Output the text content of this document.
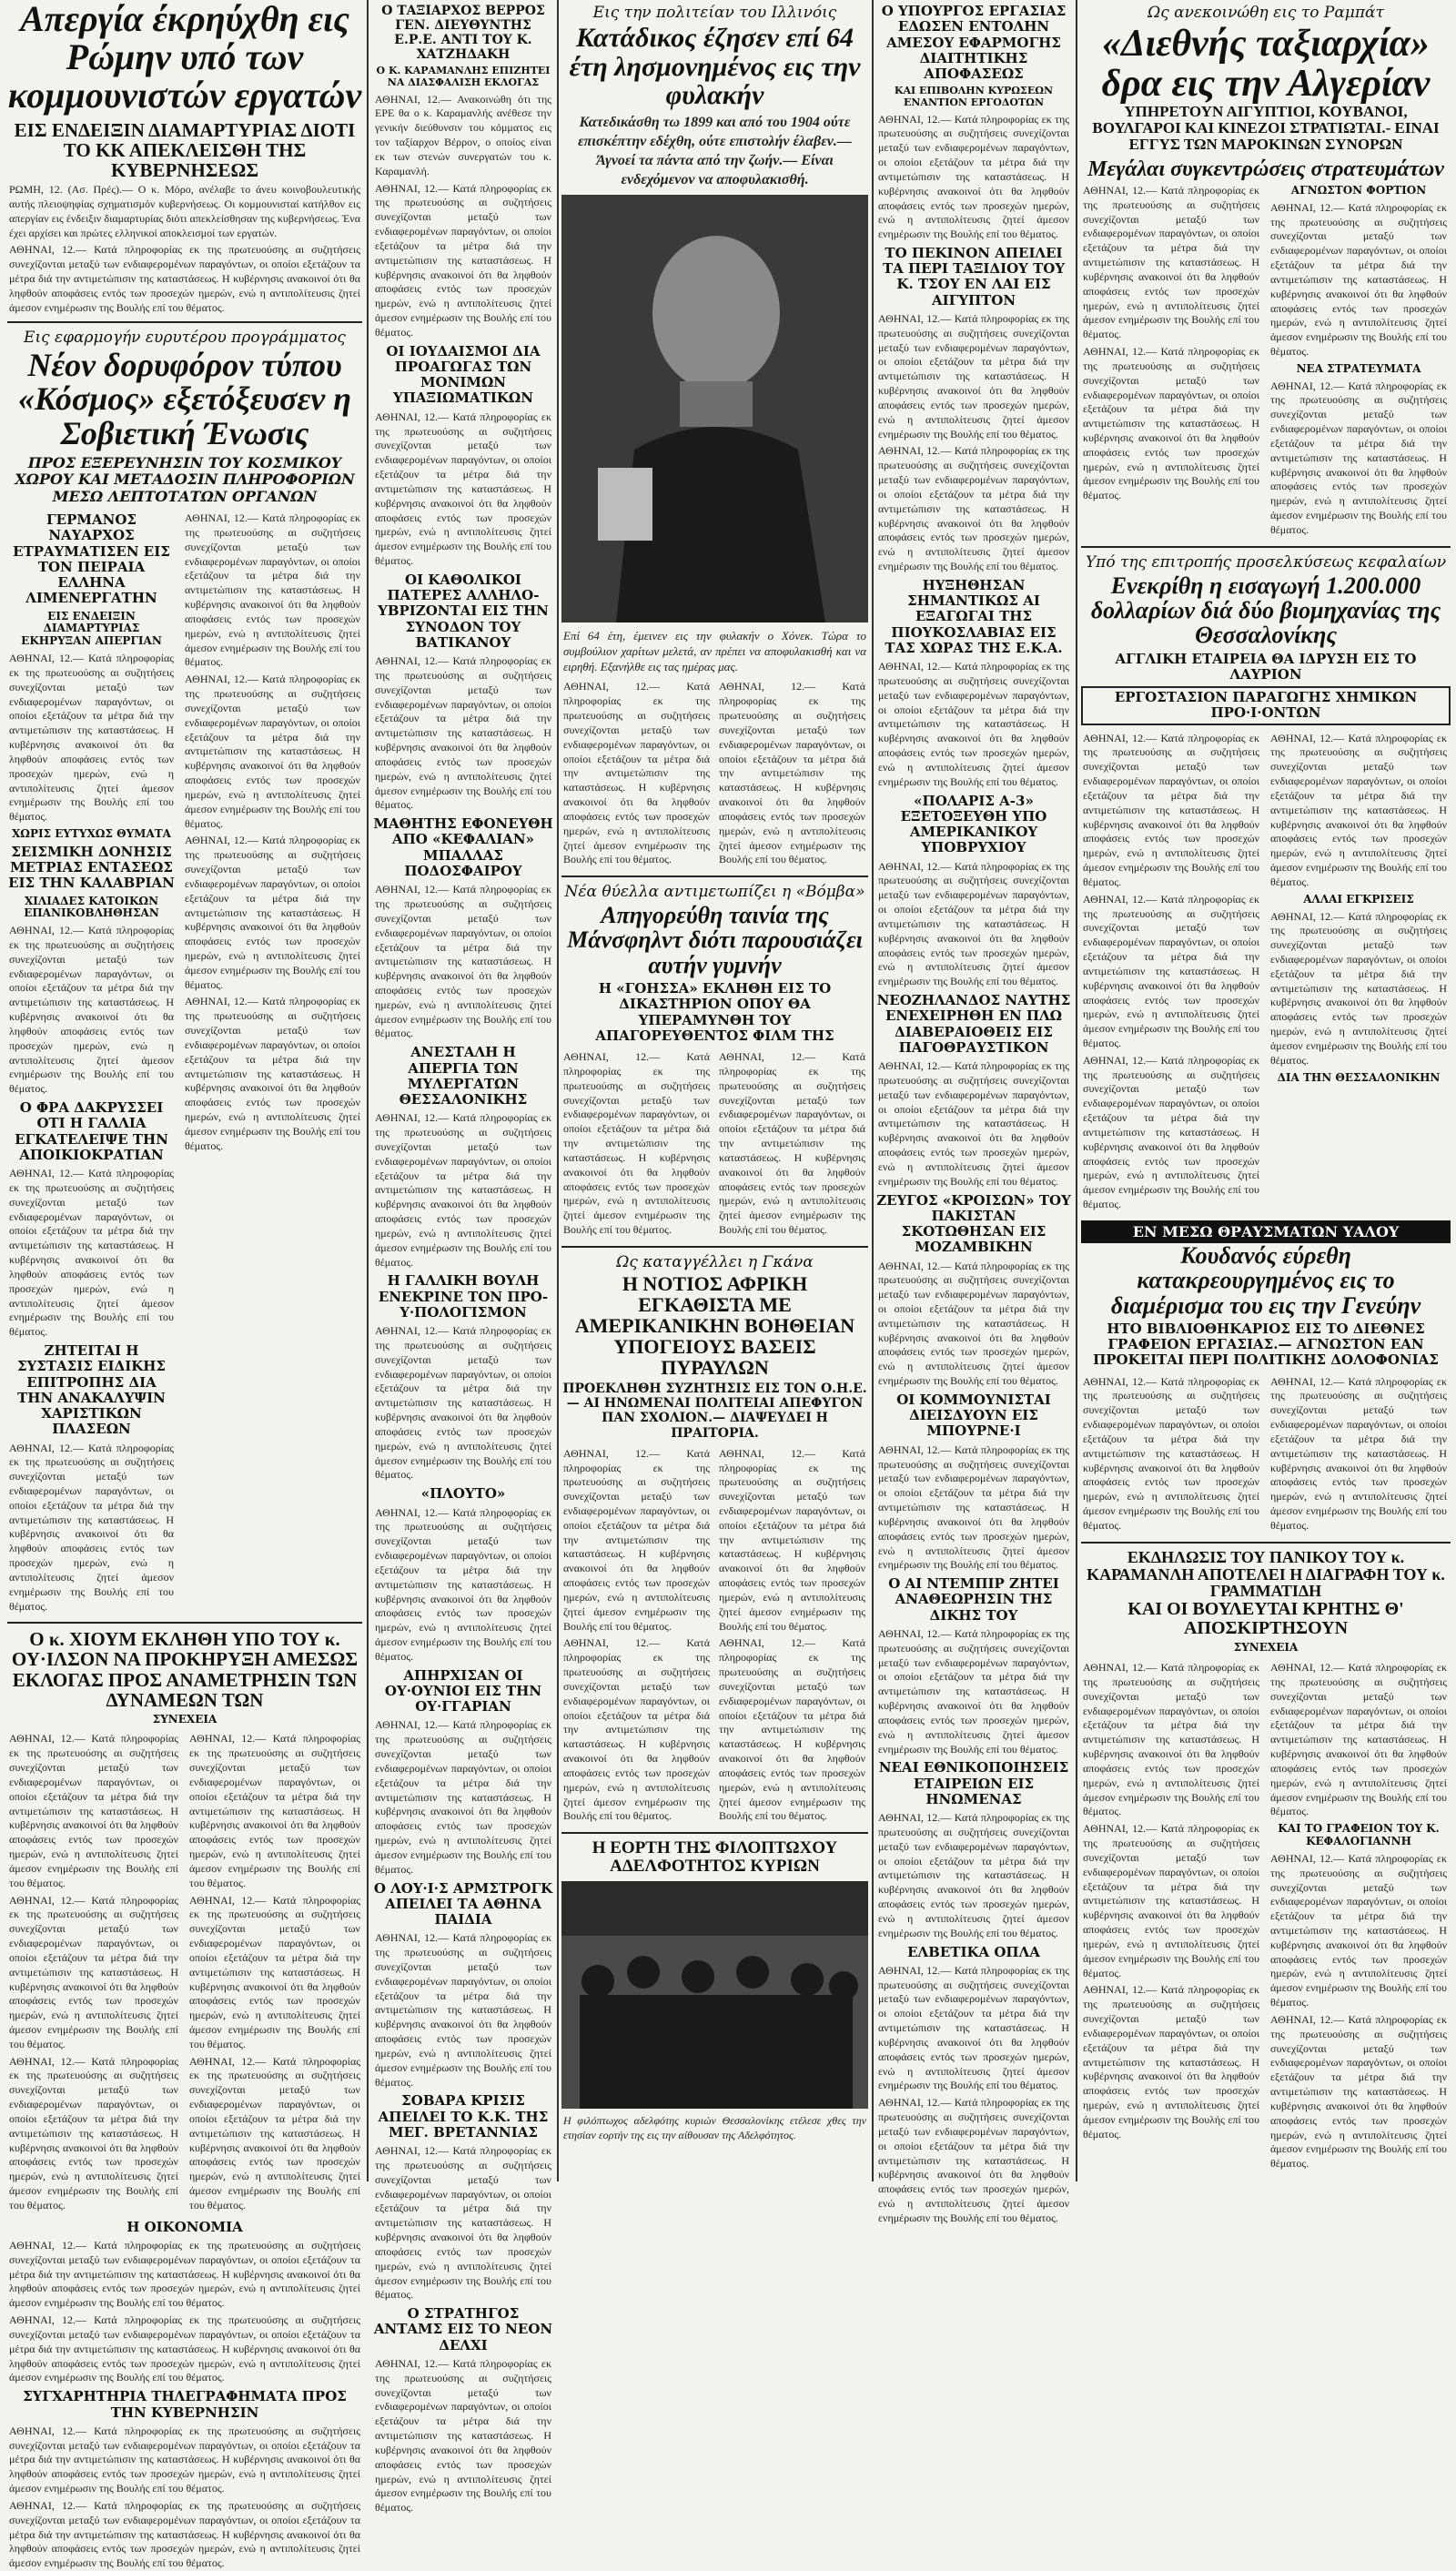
Απεργία έκρηύχθη εις Ρώμην υπό των κομμουνιστών εργατών
ΕΙΣ ΕΝΔΕΙΞΙΝ ΔΙΑΜΑΡΤΥΡΙΑΣ ΔΙΟΤΙ ΤΟ ΚΚ ΑΠΕΚΛΕΙΣΘΗ ΤΗΣ ΚΥΒΕΡΝΗΣΕΩΣ

ΡΩΜΗ, 12. (Ασ. Πρές).— Ο κ. Μόρο, ανέλαβε το άνευ κοινοβουλευτικής αυτής πλειοψηφίας σχηματισμόν κυβερνήσεως. Οι κομμουνισταί κατήλθον εις απεργίαν εις ένδειξιν διαμαρτυρίας διότι απεκλείσθησαν της κυβερνήσεως. Ένα έχει αρχίσει και πρώτες ελληνικοί αποκλεισμοί των εργατών.

ΑΘΗΝΑΙ, 12.— Κατά πληροφορίας εκ της πρωτευούσης αι συζητήσεις συνεχίζονται μεταξύ των ενδιαφερομένων παραγόντων, οι οποίοι εξετάζουν τα μέτρα διά την αντιμετώπισιν της καταστάσεως. Η κυβέρνησις ανακοινοί ότι θα ληφθούν αποφάσεις εντός των προσεχών ημερών, ενώ η αντιπολίτευσις ζητεί άμεσον ενημέρωσιν της Βουλής επί του θέματος.

Εις εφαρμογήν ευρυτέρου προγράμματος
Νέον δορυφόρον τύπου «Κόσμος» εξετόξευσεν η Σοβιετική Ένωσις
ΠΡΟΣ ΕΞΕΡΕΥΝΗΣΙΝ ΤΟΥ ΚΟΣΜΙΚΟΥ ΧΩΡΟΥ ΚΑΙ ΜΕΤΑΔΟΣΙΝ ΠΛΗΡΟΦΟΡΙΩΝ ΜΕΣΩ ΛΕΠΤΟΤΑΤΩΝ ΟΡΓΑΝΩΝ
ΓΕΡΜΑΝΟΣ ΝΑΥΑΡΧΟΣ ΕΤΡΑΥΜΑΤΙΣΕΝ ΕΙΣ ΤΟΝ ΠΕΙΡΑΙΑ ΕΛΛΗΝΑ ΛΙΜΕΝΕΡΓΑΤΗΝ
ΕΙΣ ΕΝΔΕΙΞΙΝ ΔΙΑΜΑΡΤΥΡΙΑΣ ΕΚΗΡΥΞΑΝ ΑΠΕΡΓΙΑΝ

ΑΘΗΝΑΙ, 12.— Κατά πληροφορίας εκ της πρωτευούσης αι συζητήσεις συνεχίζονται μεταξύ των ενδιαφερομένων παραγόντων, οι οποίοι εξετάζουν τα μέτρα διά την αντιμετώπισιν της καταστάσεως. Η κυβέρνησις ανακοινοί ότι θα ληφθούν αποφάσεις εντός των προσεχών ημερών, ενώ η αντιπολίτευσις ζητεί άμεσον ενημέρωσιν της Βουλής επί του θέματος.

ΧΩΡΙΣ ΕΥΤΥΧΩΣ ΘΥΜΑΤΑ
ΣΕΙΣΜΙΚΗ ΔΟΝΗΣΙΣ ΜΕΤΡΙΑΣ ΕΝΤΑΣΕΩΣ ΕΙΣ ΤΗΝ ΚΑΛΑΒΡΙΑΝ
ΧΙΛΙΑΔΕΣ ΚΑΤΟΙΚΩΝ ΕΠΑΝΙΚΟΒΛΗΘΗΣΑΝ

ΑΘΗΝΑΙ, 12.— Κατά πληροφορίας εκ της πρωτευούσης αι συζητήσεις συνεχίζονται μεταξύ των ενδιαφερομένων παραγόντων, οι οποίοι εξετάζουν τα μέτρα διά την αντιμετώπισιν της καταστάσεως. Η κυβέρνησις ανακοινοί ότι θα ληφθούν αποφάσεις εντός των προσεχών ημερών, ενώ η αντιπολίτευσις ζητεί άμεσον ενημέρωσιν της Βουλής επί του θέματος.

Ο ΦΡΑ ΔΑΚΡΥΣΣΕΙ ΟΤΙ Η ΓΑΛΛΙΑ ΕΓΚΑΤΕΛΕΙΨΕ ΤΗΝ ΑΠΟΙΚΙΟΚΡΑΤΙΑΝ

ΑΘΗΝΑΙ, 12.— Κατά πληροφορίας εκ της πρωτευούσης αι συζητήσεις συνεχίζονται μεταξύ των ενδιαφερομένων παραγόντων, οι οποίοι εξετάζουν τα μέτρα διά την αντιμετώπισιν της καταστάσεως. Η κυβέρνησις ανακοινοί ότι θα ληφθούν αποφάσεις εντός των προσεχών ημερών, ενώ η αντιπολίτευσις ζητεί άμεσον ενημέρωσιν της Βουλής επί του θέματος.

ΖΗΤΕΙΤΑΙ Η ΣΥΣΤΑΣΙΣ ΕΙΔΙΚΗΣ ΕΠΙΤΡΟΠΗΣ ΔΙΑ ΤΗΝ ΑΝΑΚΑΛΥΨΙΝ ΧΑΡΙΣΤΙΚΩΝ ΠΛΑΣΕΩΝ

ΑΘΗΝΑΙ, 12.— Κατά πληροφορίας εκ της πρωτευούσης αι συζητήσεις συνεχίζονται μεταξύ των ενδιαφερομένων παραγόντων, οι οποίοι εξετάζουν τα μέτρα διά την αντιμετώπισιν της καταστάσεως. Η κυβέρνησις ανακοινοί ότι θα ληφθούν αποφάσεις εντός των προσεχών ημερών, ενώ η αντιπολίτευσις ζητεί άμεσον ενημέρωσιν της Βουλής επί του θέματος.

ΑΘΗΝΑΙ, 12.— Κατά πληροφορίας εκ της πρωτευούσης αι συζητήσεις συνεχίζονται μεταξύ των ενδιαφερομένων παραγόντων, οι οποίοι εξετάζουν τα μέτρα διά την αντιμετώπισιν της καταστάσεως. Η κυβέρνησις ανακοινοί ότι θα ληφθούν αποφάσεις εντός των προσεχών ημερών, ενώ η αντιπολίτευσις ζητεί άμεσον ενημέρωσιν της Βουλής επί του θέματος.

ΑΘΗΝΑΙ, 12.— Κατά πληροφορίας εκ της πρωτευούσης αι συζητήσεις συνεχίζονται μεταξύ των ενδιαφερομένων παραγόντων, οι οποίοι εξετάζουν τα μέτρα διά την αντιμετώπισιν της καταστάσεως. Η κυβέρνησις ανακοινοί ότι θα ληφθούν αποφάσεις εντός των προσεχών ημερών, ενώ η αντιπολίτευσις ζητεί άμεσον ενημέρωσιν της Βουλής επί του θέματος.

ΑΘΗΝΑΙ, 12.— Κατά πληροφορίας εκ της πρωτευούσης αι συζητήσεις συνεχίζονται μεταξύ των ενδιαφερομένων παραγόντων, οι οποίοι εξετάζουν τα μέτρα διά την αντιμετώπισιν της καταστάσεως. Η κυβέρνησις ανακοινοί ότι θα ληφθούν αποφάσεις εντός των προσεχών ημερών, ενώ η αντιπολίτευσις ζητεί άμεσον ενημέρωσιν της Βουλής επί του θέματος.

ΑΘΗΝΑΙ, 12.— Κατά πληροφορίας εκ της πρωτευούσης αι συζητήσεις συνεχίζονται μεταξύ των ενδιαφερομένων παραγόντων, οι οποίοι εξετάζουν τα μέτρα διά την αντιμετώπισιν της καταστάσεως. Η κυβέρνησις ανακοινοί ότι θα ληφθούν αποφάσεις εντός των προσεχών ημερών, ενώ η αντιπολίτευσις ζητεί άμεσον ενημέρωσιν της Βουλής επί του θέματος.

Ο κ. ΧΙΟΥΜ ΕΚΛΗΘΗ ΥΠΟ ΤΟΥ κ. ΟΥ·ΙΛΣΟΝ ΝΑ ΠΡΟΚΗΡΥΞΗ ΑΜΕΣΩΣ ΕΚΛΟΓΑΣ ΠΡΟΣ ΑΝΑΜΕΤΡΗΣΙΝ ΤΩΝ ΔΥΝΑΜΕΩΝ ΤΩΝ
ΣΥΝΕΧΕΙΑ

ΑΘΗΝΑΙ, 12.— Κατά πληροφορίας εκ της πρωτευούσης αι συζητήσεις συνεχίζονται μεταξύ των ενδιαφερομένων παραγόντων, οι οποίοι εξετάζουν τα μέτρα διά την αντιμετώπισιν της καταστάσεως. Η κυβέρνησις ανακοινοί ότι θα ληφθούν αποφάσεις εντός των προσεχών ημερών, ενώ η αντιπολίτευσις ζητεί άμεσον ενημέρωσιν της Βουλής επί του θέματος.

ΑΘΗΝΑΙ, 12.— Κατά πληροφορίας εκ της πρωτευούσης αι συζητήσεις συνεχίζονται μεταξύ των ενδιαφερομένων παραγόντων, οι οποίοι εξετάζουν τα μέτρα διά την αντιμετώπισιν της καταστάσεως. Η κυβέρνησις ανακοινοί ότι θα ληφθούν αποφάσεις εντός των προσεχών ημερών, ενώ η αντιπολίτευσις ζητεί άμεσον ενημέρωσιν της Βουλής επί του θέματος.

ΑΘΗΝΑΙ, 12.— Κατά πληροφορίας εκ της πρωτευούσης αι συζητήσεις συνεχίζονται μεταξύ των ενδιαφερομένων παραγόντων, οι οποίοι εξετάζουν τα μέτρα διά την αντιμετώπισιν της καταστάσεως. Η κυβέρνησις ανακοινοί ότι θα ληφθούν αποφάσεις εντός των προσεχών ημερών, ενώ η αντιπολίτευσις ζητεί άμεσον ενημέρωσιν της Βουλής επί του θέματος.

ΑΘΗΝΑΙ, 12.— Κατά πληροφορίας εκ της πρωτευούσης αι συζητήσεις συνεχίζονται μεταξύ των ενδιαφερομένων παραγόντων, οι οποίοι εξετάζουν τα μέτρα διά την αντιμετώπισιν της καταστάσεως. Η κυβέρνησις ανακοινοί ότι θα ληφθούν αποφάσεις εντός των προσεχών ημερών, ενώ η αντιπολίτευσις ζητεί άμεσον ενημέρωσιν της Βουλής επί του θέματος.

ΑΘΗΝΑΙ, 12.— Κατά πληροφορίας εκ της πρωτευούσης αι συζητήσεις συνεχίζονται μεταξύ των ενδιαφερομένων παραγόντων, οι οποίοι εξετάζουν τα μέτρα διά την αντιμετώπισιν της καταστάσεως. Η κυβέρνησις ανακοινοί ότι θα ληφθούν αποφάσεις εντός των προσεχών ημερών, ενώ η αντιπολίτευσις ζητεί άμεσον ενημέρωσιν της Βουλής επί του θέματος.

ΑΘΗΝΑΙ, 12.— Κατά πληροφορίας εκ της πρωτευούσης αι συζητήσεις συνεχίζονται μεταξύ των ενδιαφερομένων παραγόντων, οι οποίοι εξετάζουν τα μέτρα διά την αντιμετώπισιν της καταστάσεως. Η κυβέρνησις ανακοινοί ότι θα ληφθούν αποφάσεις εντός των προσεχών ημερών, ενώ η αντιπολίτευσις ζητεί άμεσον ενημέρωσιν της Βουλής επί του θέματος.

Η ΟΙΚΟΝΟΜΙΑ

ΑΘΗΝΑΙ, 12.— Κατά πληροφορίας εκ της πρωτευούσης αι συζητήσεις συνεχίζονται μεταξύ των ενδιαφερομένων παραγόντων, οι οποίοι εξετάζουν τα μέτρα διά την αντιμετώπισιν της καταστάσεως. Η κυβέρνησις ανακοινοί ότι θα ληφθούν αποφάσεις εντός των προσεχών ημερών, ενώ η αντιπολίτευσις ζητεί άμεσον ενημέρωσιν της Βουλής επί του θέματος.

ΑΘΗΝΑΙ, 12.— Κατά πληροφορίας εκ της πρωτευούσης αι συζητήσεις συνεχίζονται μεταξύ των ενδιαφερομένων παραγόντων, οι οποίοι εξετάζουν τα μέτρα διά την αντιμετώπισιν της καταστάσεως. Η κυβέρνησις ανακοινοί ότι θα ληφθούν αποφάσεις εντός των προσεχών ημερών, ενώ η αντιπολίτευσις ζητεί άμεσον ενημέρωσιν της Βουλής επί του θέματος.

ΣΥΓΧΑΡΗΤΗΡΙΑ ΤΗΛΕΓΡΑΦΗΜΑΤΑ ΠΡΟΣ ΤΗΝ ΚΥΒΕΡΝΗΣΙΝ

ΑΘΗΝΑΙ, 12.— Κατά πληροφορίας εκ της πρωτευούσης αι συζητήσεις συνεχίζονται μεταξύ των ενδιαφερομένων παραγόντων, οι οποίοι εξετάζουν τα μέτρα διά την αντιμετώπισιν της καταστάσεως. Η κυβέρνησις ανακοινοί ότι θα ληφθούν αποφάσεις εντός των προσεχών ημερών, ενώ η αντιπολίτευσις ζητεί άμεσον ενημέρωσιν της Βουλής επί του θέματος.

ΑΘΗΝΑΙ, 12.— Κατά πληροφορίας εκ της πρωτευούσης αι συζητήσεις συνεχίζονται μεταξύ των ενδιαφερομένων παραγόντων, οι οποίοι εξετάζουν τα μέτρα διά την αντιμετώπισιν της καταστάσεως. Η κυβέρνησις ανακοινοί ότι θα ληφθούν αποφάσεις εντός των προσεχών ημερών, ενώ η αντιπολίτευσις ζητεί άμεσον ενημέρωσιν της Βουλής επί του θέματος.

Ο ΤΑΞΙΑΡΧΟΣ ΒΕΡΡΟΣ ΓΕΝ. ΔΙΕΥΘΥΝΤΗΣ Ε.Ρ.Ε. ΑΝΤΙ ΤΟΥ Κ. ΧΑΤΖΗΔΑΚΗ
Ο Κ. ΚΑΡΑΜΑΝΛΗΣ ΕΠΙΖΗΤΕΙ ΝΑ ΔΙΑΣΦΑΛΙΣΗ ΕΚΛΟΓΑΣ

ΑΘΗΝΑΙ, 12.— Ανακοινώθη ότι της ΕΡΕ θα ο κ. Καραμανλής ανέθεσε την γενικήν διεύθυνσιν του κόμματος εις τον ταξίαρχον Βέρρον, ο οποίος είναι εκ των στενών συνεργατών του κ. Καραμανλή.

ΑΘΗΝΑΙ, 12.— Κατά πληροφορίας εκ της πρωτευούσης αι συζητήσεις συνεχίζονται μεταξύ των ενδιαφερομένων παραγόντων, οι οποίοι εξετάζουν τα μέτρα διά την αντιμετώπισιν της καταστάσεως. Η κυβέρνησις ανακοινοί ότι θα ληφθούν αποφάσεις εντός των προσεχών ημερών, ενώ η αντιπολίτευσις ζητεί άμεσον ενημέρωσιν της Βουλής επί του θέματος.

ΟΙ ΙΟΥΔΑΙΣΜΟΙ ΔΙΑ ΠΡΟΑΓΩΓΑΣ ΤΩΝ ΜΟΝΙΜΩΝ ΥΠΑΞΙΩΜΑΤΙΚΩΝ

ΑΘΗΝΑΙ, 12.— Κατά πληροφορίας εκ της πρωτευούσης αι συζητήσεις συνεχίζονται μεταξύ των ενδιαφερομένων παραγόντων, οι οποίοι εξετάζουν τα μέτρα διά την αντιμετώπισιν της καταστάσεως. Η κυβέρνησις ανακοινοί ότι θα ληφθούν αποφάσεις εντός των προσεχών ημερών, ενώ η αντιπολίτευσις ζητεί άμεσον ενημέρωσιν της Βουλής επί του θέματος.

ΟΙ ΚΑΘΟΛΙΚΟΙ ΠΑΤΕΡΕΣ ΑΛΛΗΛΟ-ΥΒΡΙΖΟΝΤΑΙ ΕΙΣ ΤΗΝ ΣΥΝΟΔΟΝ ΤΟΥ ΒΑΤΙΚΑΝΟΥ

ΑΘΗΝΑΙ, 12.— Κατά πληροφορίας εκ της πρωτευούσης αι συζητήσεις συνεχίζονται μεταξύ των ενδιαφερομένων παραγόντων, οι οποίοι εξετάζουν τα μέτρα διά την αντιμετώπισιν της καταστάσεως. Η κυβέρνησις ανακοινοί ότι θα ληφθούν αποφάσεις εντός των προσεχών ημερών, ενώ η αντιπολίτευσις ζητεί άμεσον ενημέρωσιν της Βουλής επί του θέματος.

ΜΑΘΗΤΗΣ ΕΦΟΝΕΥΘΗ ΑΠΟ «ΚΕΦΑΛΙΑΝ» ΜΠΑΛΛΑΣ ΠΟΔΟΣΦΑΙΡΟΥ

ΑΘΗΝΑΙ, 12.— Κατά πληροφορίας εκ της πρωτευούσης αι συζητήσεις συνεχίζονται μεταξύ των ενδιαφερομένων παραγόντων, οι οποίοι εξετάζουν τα μέτρα διά την αντιμετώπισιν της καταστάσεως. Η κυβέρνησις ανακοινοί ότι θα ληφθούν αποφάσεις εντός των προσεχών ημερών, ενώ η αντιπολίτευσις ζητεί άμεσον ενημέρωσιν της Βουλής επί του θέματος.

ΑΝΕΣΤΑΛΗ Η ΑΠΕΡΓΙΑ ΤΩΝ ΜΥΛΕΡΓΑΤΩΝ ΘΕΣΣΑΛΟΝΙΚΗΣ

ΑΘΗΝΑΙ, 12.— Κατά πληροφορίας εκ της πρωτευούσης αι συζητήσεις συνεχίζονται μεταξύ των ενδιαφερομένων παραγόντων, οι οποίοι εξετάζουν τα μέτρα διά την αντιμετώπισιν της καταστάσεως. Η κυβέρνησις ανακοινοί ότι θα ληφθούν αποφάσεις εντός των προσεχών ημερών, ενώ η αντιπολίτευσις ζητεί άμεσον ενημέρωσιν της Βουλής επί του θέματος.

Η ΓΑΛΛΙΚΗ ΒΟΥΛΗ ΕΝΕΚΡΙΝΕ ΤΟΝ ΠΡΟ-Υ·ΠΟΛΟΓΙΣΜΟΝ

ΑΘΗΝΑΙ, 12.— Κατά πληροφορίας εκ της πρωτευούσης αι συζητήσεις συνεχίζονται μεταξύ των ενδιαφερομένων παραγόντων, οι οποίοι εξετάζουν τα μέτρα διά την αντιμετώπισιν της καταστάσεως. Η κυβέρνησις ανακοινοί ότι θα ληφθούν αποφάσεις εντός των προσεχών ημερών, ενώ η αντιπολίτευσις ζητεί άμεσον ενημέρωσιν της Βουλής επί του θέματος.

«ΠΛΟΥΤΟ»

ΑΘΗΝΑΙ, 12.— Κατά πληροφορίας εκ της πρωτευούσης αι συζητήσεις συνεχίζονται μεταξύ των ενδιαφερομένων παραγόντων, οι οποίοι εξετάζουν τα μέτρα διά την αντιμετώπισιν της καταστάσεως. Η κυβέρνησις ανακοινοί ότι θα ληφθούν αποφάσεις εντός των προσεχών ημερών, ενώ η αντιπολίτευσις ζητεί άμεσον ενημέρωσιν της Βουλής επί του θέματος.

ΑΠΗΡΧΙΣΑΝ ΟΙ ΟΥ·ΟΥΝΙΟΙ ΕΙΣ ΤΗΝ ΟΥ·ΓΓΑΡΙΑΝ

ΑΘΗΝΑΙ, 12.— Κατά πληροφορίας εκ της πρωτευούσης αι συζητήσεις συνεχίζονται μεταξύ των ενδιαφερομένων παραγόντων, οι οποίοι εξετάζουν τα μέτρα διά την αντιμετώπισιν της καταστάσεως. Η κυβέρνησις ανακοινοί ότι θα ληφθούν αποφάσεις εντός των προσεχών ημερών, ενώ η αντιπολίτευσις ζητεί άμεσον ενημέρωσιν της Βουλής επί του θέματος.

Ο ΛΟΥ·Ι·Σ ΑΡΜΣΤΡΟΓΚ ΑΠΕΙΛΕΙ ΤΑ ΑΘΗΝΑ ΠΑΙΔΙΑ

ΑΘΗΝΑΙ, 12.— Κατά πληροφορίας εκ της πρωτευούσης αι συζητήσεις συνεχίζονται μεταξύ των ενδιαφερομένων παραγόντων, οι οποίοι εξετάζουν τα μέτρα διά την αντιμετώπισιν της καταστάσεως. Η κυβέρνησις ανακοινοί ότι θα ληφθούν αποφάσεις εντός των προσεχών ημερών, ενώ η αντιπολίτευσις ζητεί άμεσον ενημέρωσιν της Βουλής επί του θέματος.

ΣΟΒΑΡΑ ΚΡΙΣΙΣ ΑΠΕΙΛΕΙ ΤΟ Κ.Κ. ΤΗΣ ΜΕΓ. ΒΡΕΤΑΝΝΙΑΣ

ΑΘΗΝΑΙ, 12.— Κατά πληροφορίας εκ της πρωτευούσης αι συζητήσεις συνεχίζονται μεταξύ των ενδιαφερομένων παραγόντων, οι οποίοι εξετάζουν τα μέτρα διά την αντιμετώπισιν της καταστάσεως. Η κυβέρνησις ανακοινοί ότι θα ληφθούν αποφάσεις εντός των προσεχών ημερών, ενώ η αντιπολίτευσις ζητεί άμεσον ενημέρωσιν της Βουλής επί του θέματος.

Ο ΣΤΡΑΤΗΓΟΣ ΑΝΤΑΜΣ ΕΙΣ ΤΟ ΝΕΟΝ ΔΕΛΧΙ

ΑΘΗΝΑΙ, 12.— Κατά πληροφορίας εκ της πρωτευούσης αι συζητήσεις συνεχίζονται μεταξύ των ενδιαφερομένων παραγόντων, οι οποίοι εξετάζουν τα μέτρα διά την αντιμετώπισιν της καταστάσεως. Η κυβέρνησις ανακοινοί ότι θα ληφθούν αποφάσεις εντός των προσεχών ημερών, ενώ η αντιπολίτευσις ζητεί άμεσον ενημέρωσιν της Βουλής επί του θέματος.

Εις την πολιτείαν του Ιλλινόις
Κατάδικος έζησεν επί 64 έτη λησμονημένος εις την φυλακήν

Κατεδικάσθη τω 1899 και από του 1904 ούτε επισκέπτην εδέχθη, ούτε επιστολήν έλαβεν.— Άγνοεί τα πάντα από την ζωήν.— Είναι ενδεχόμενον να αποφυλακισθή.

Επί 64 έτη, έμεινεν εις την φυλακήν ο Χόνεκ. Τώρα το συμβούλιον χαρίτων μελετά, αν πρέπει να αποφυλακισθή και να ειρηθή. Εξανήλθε εις τας ημέρας μας.

ΑΘΗΝΑΙ, 12.— Κατά πληροφορίας εκ της πρωτευούσης αι συζητήσεις συνεχίζονται μεταξύ των ενδιαφερομένων παραγόντων, οι οποίοι εξετάζουν τα μέτρα διά την αντιμετώπισιν της καταστάσεως. Η κυβέρνησις ανακοινοί ότι θα ληφθούν αποφάσεις εντός των προσεχών ημερών, ενώ η αντιπολίτευσις ζητεί άμεσον ενημέρωσιν της Βουλής επί του θέματος.

ΑΘΗΝΑΙ, 12.— Κατά πληροφορίας εκ της πρωτευούσης αι συζητήσεις συνεχίζονται μεταξύ των ενδιαφερομένων παραγόντων, οι οποίοι εξετάζουν τα μέτρα διά την αντιμετώπισιν της καταστάσεως. Η κυβέρνησις ανακοινοί ότι θα ληφθούν αποφάσεις εντός των προσεχών ημερών, ενώ η αντιπολίτευσις ζητεί άμεσον ενημέρωσιν της Βουλής επί του θέματος.

Νέα θύελλα αντιμετωπίζει η «Βόμβα»
Απηγορεύθη ταινία της Μάνσφηλντ διότι παρουσιάζει αυτήν γυμνήν
Η «ΓΟΗΣΣΑ» ΕΚΛΗΘΗ ΕΙΣ ΤΟ ΔΙΚΑΣΤΗΡΙΟΝ ΟΠΟΥ ΘΑ ΥΠΕΡΑΜΥΝΘΗ ΤΟΥ ΑΠΑΓΟΡΕΥΘΕΝΤΟΣ ΦΙΛΜ ΤΗΣ

ΑΘΗΝΑΙ, 12.— Κατά πληροφορίας εκ της πρωτευούσης αι συζητήσεις συνεχίζονται μεταξύ των ενδιαφερομένων παραγόντων, οι οποίοι εξετάζουν τα μέτρα διά την αντιμετώπισιν της καταστάσεως. Η κυβέρνησις ανακοινοί ότι θα ληφθούν αποφάσεις εντός των προσεχών ημερών, ενώ η αντιπολίτευσις ζητεί άμεσον ενημέρωσιν της Βουλής επί του θέματος.

ΑΘΗΝΑΙ, 12.— Κατά πληροφορίας εκ της πρωτευούσης αι συζητήσεις συνεχίζονται μεταξύ των ενδιαφερομένων παραγόντων, οι οποίοι εξετάζουν τα μέτρα διά την αντιμετώπισιν της καταστάσεως. Η κυβέρνησις ανακοινοί ότι θα ληφθούν αποφάσεις εντός των προσεχών ημερών, ενώ η αντιπολίτευσις ζητεί άμεσον ενημέρωσιν της Βουλής επί του θέματος.

Ως καταγγέλλει η Γκάνα
Η ΝΟΤΙΟΣ ΑΦΡΙΚΗ ΕΓΚΑΘΙΣΤΑ ΜΕ ΑΜΕΡΙΚΑΝΙΚΗΝ ΒΟΗΘΕΙΑΝ ΥΠΟΓΕΙΟΥΣ ΒΑΣΕΙΣ ΠΥΡΑΥΛΩΝ
ΠΡΟΕΚΛΗΘΗ ΣΥΖΗΤΗΣΙΣ ΕΙΣ ΤΟΝ Ο.Η.Ε.— ΑΙ ΗΝΩΜΕΝΑΙ ΠΟΛΙΤΕΙΑΙ ΑΠΕΦΥΓΟΝ ΠΑΝ ΣΧΟΛΙΟΝ.— ΔΙΑΨΕΥΔΕΙ Η ΠΡΑΙΤΟΡΙΑ.

ΑΘΗΝΑΙ, 12.— Κατά πληροφορίας εκ της πρωτευούσης αι συζητήσεις συνεχίζονται μεταξύ των ενδιαφερομένων παραγόντων, οι οποίοι εξετάζουν τα μέτρα διά την αντιμετώπισιν της καταστάσεως. Η κυβέρνησις ανακοινοί ότι θα ληφθούν αποφάσεις εντός των προσεχών ημερών, ενώ η αντιπολίτευσις ζητεί άμεσον ενημέρωσιν της Βουλής επί του θέματος.

ΑΘΗΝΑΙ, 12.— Κατά πληροφορίας εκ της πρωτευούσης αι συζητήσεις συνεχίζονται μεταξύ των ενδιαφερομένων παραγόντων, οι οποίοι εξετάζουν τα μέτρα διά την αντιμετώπισιν της καταστάσεως. Η κυβέρνησις ανακοινοί ότι θα ληφθούν αποφάσεις εντός των προσεχών ημερών, ενώ η αντιπολίτευσις ζητεί άμεσον ενημέρωσιν της Βουλής επί του θέματος.

ΑΘΗΝΑΙ, 12.— Κατά πληροφορίας εκ της πρωτευούσης αι συζητήσεις συνεχίζονται μεταξύ των ενδιαφερομένων παραγόντων, οι οποίοι εξετάζουν τα μέτρα διά την αντιμετώπισιν της καταστάσεως. Η κυβέρνησις ανακοινοί ότι θα ληφθούν αποφάσεις εντός των προσεχών ημερών, ενώ η αντιπολίτευσις ζητεί άμεσον ενημέρωσιν της Βουλής επί του θέματος.

ΑΘΗΝΑΙ, 12.— Κατά πληροφορίας εκ της πρωτευούσης αι συζητήσεις συνεχίζονται μεταξύ των ενδιαφερομένων παραγόντων, οι οποίοι εξετάζουν τα μέτρα διά την αντιμετώπισιν της καταστάσεως. Η κυβέρνησις ανακοινοί ότι θα ληφθούν αποφάσεις εντός των προσεχών ημερών, ενώ η αντιπολίτευσις ζητεί άμεσον ενημέρωσιν της Βουλής επί του θέματος.

Η ΕΟΡΤΗ ΤΗΣ ΦΙΛΟΠΤΩΧΟΥ ΑΔΕΛΦΟΤΗΤΟΣ ΚΥΡΙΩΝ

Η φιλόπτωχος αδελφότης κυριών Θεσσαλονίκης ετέλεσε χθες την ετησίαν εορτήν της εις την αίθουσαν της Αδελφότητος.

Ο ΥΠΟΥΡΓΟΣ ΕΡΓΑΣΙΑΣ ΕΔΩΣΕΝ ΕΝΤΟΛΗΝ ΑΜΕΣΟΥ ΕΦΑΡΜΟΓΗΣ ΔΙΑΙΤΗΤΙΚΗΣ ΑΠΟΦΑΣΕΩΣ
ΚΑΙ ΕΠΙΒΟΛΗΝ ΚΥΡΩΣΕΩΝ ΕΝΑΝΤΙΟΝ ΕΡΓΟΔΟΤΩΝ

ΑΘΗΝΑΙ, 12.— Κατά πληροφορίας εκ της πρωτευούσης αι συζητήσεις συνεχίζονται μεταξύ των ενδιαφερομένων παραγόντων, οι οποίοι εξετάζουν τα μέτρα διά την αντιμετώπισιν της καταστάσεως. Η κυβέρνησις ανακοινοί ότι θα ληφθούν αποφάσεις εντός των προσεχών ημερών, ενώ η αντιπολίτευσις ζητεί άμεσον ενημέρωσιν της Βουλής επί του θέματος.

ΤΟ ΠΕΚΙΝΟΝ ΑΠΕΙΛΕΙ ΤΑ ΠΕΡΙ ΤΑΞΙΔΙΟΥ ΤΟΥ Κ. ΤΣΟΥ ΕΝ ΛΑΙ ΕΙΣ ΑΙΓΥΠΤΟΝ

ΑΘΗΝΑΙ, 12.— Κατά πληροφορίας εκ της πρωτευούσης αι συζητήσεις συνεχίζονται μεταξύ των ενδιαφερομένων παραγόντων, οι οποίοι εξετάζουν τα μέτρα διά την αντιμετώπισιν της καταστάσεως. Η κυβέρνησις ανακοινοί ότι θα ληφθούν αποφάσεις εντός των προσεχών ημερών, ενώ η αντιπολίτευσις ζητεί άμεσον ενημέρωσιν της Βουλής επί του θέματος.

ΑΘΗΝΑΙ, 12.— Κατά πληροφορίας εκ της πρωτευούσης αι συζητήσεις συνεχίζονται μεταξύ των ενδιαφερομένων παραγόντων, οι οποίοι εξετάζουν τα μέτρα διά την αντιμετώπισιν της καταστάσεως. Η κυβέρνησις ανακοινοί ότι θα ληφθούν αποφάσεις εντός των προσεχών ημερών, ενώ η αντιπολίτευσις ζητεί άμεσον ενημέρωσιν της Βουλής επί του θέματος.

ΗΥΞΗΘΗΣΑΝ ΣΗΜΑΝΤΙΚΩΣ ΑΙ ΕΞΑΓΩΓΑΙ ΤΗΣ ΠΙΟΥΚΟΣΛΑΒΙΑΣ ΕΙΣ ΤΑΣ ΧΩΡΑΣ ΤΗΣ Ε.Κ.Α.

ΑΘΗΝΑΙ, 12.— Κατά πληροφορίας εκ της πρωτευούσης αι συζητήσεις συνεχίζονται μεταξύ των ενδιαφερομένων παραγόντων, οι οποίοι εξετάζουν τα μέτρα διά την αντιμετώπισιν της καταστάσεως. Η κυβέρνησις ανακοινοί ότι θα ληφθούν αποφάσεις εντός των προσεχών ημερών, ενώ η αντιπολίτευσις ζητεί άμεσον ενημέρωσιν της Βουλής επί του θέματος.

«ΠΟΛΑΡΙΣ Α-3» ΕΞΕΤΟΞΕΥΘΗ ΥΠΟ ΑΜΕΡΙΚΑΝΙΚΟΥ ΥΠΟΒΡΥΧΙΟΥ

ΑΘΗΝΑΙ, 12.— Κατά πληροφορίας εκ της πρωτευούσης αι συζητήσεις συνεχίζονται μεταξύ των ενδιαφερομένων παραγόντων, οι οποίοι εξετάζουν τα μέτρα διά την αντιμετώπισιν της καταστάσεως. Η κυβέρνησις ανακοινοί ότι θα ληφθούν αποφάσεις εντός των προσεχών ημερών, ενώ η αντιπολίτευσις ζητεί άμεσον ενημέρωσιν της Βουλής επί του θέματος.

ΝΕΟΖΗΛΑΝΔΟΣ ΝΑΥΤΗΣ ΕΝΕΧΕΙΡΗΘΗ ΕΝ ΠΛΩ ΔΙΑΒΕΡΑΙΟΘΕΙΣ ΕΙΣ ΠΑΓΟΘΡΑΥΣΤΙΚΟΝ

ΑΘΗΝΑΙ, 12.— Κατά πληροφορίας εκ της πρωτευούσης αι συζητήσεις συνεχίζονται μεταξύ των ενδιαφερομένων παραγόντων, οι οποίοι εξετάζουν τα μέτρα διά την αντιμετώπισιν της καταστάσεως. Η κυβέρνησις ανακοινοί ότι θα ληφθούν αποφάσεις εντός των προσεχών ημερών, ενώ η αντιπολίτευσις ζητεί άμεσον ενημέρωσιν της Βουλής επί του θέματος.

ΖΕΥΓΟΣ «ΚΡΟΙΣΩΝ» ΤΟΥ ΠΑΚΙΣΤΑΝ ΣΚΟΤΩΘΗΣΑΝ ΕΙΣ ΜΟΖΑΜΒΙΚΗΝ

ΑΘΗΝΑΙ, 12.— Κατά πληροφορίας εκ της πρωτευούσης αι συζητήσεις συνεχίζονται μεταξύ των ενδιαφερομένων παραγόντων, οι οποίοι εξετάζουν τα μέτρα διά την αντιμετώπισιν της καταστάσεως. Η κυβέρνησις ανακοινοί ότι θα ληφθούν αποφάσεις εντός των προσεχών ημερών, ενώ η αντιπολίτευσις ζητεί άμεσον ενημέρωσιν της Βουλής επί του θέματος.

ΟΙ ΚΟΜΜΟΥΝΙΣΤΑΙ ΔΙΕΙΣΔΥΟΥΝ ΕΙΣ ΜΠΟΥΡΝΕ·Ι

ΑΘΗΝΑΙ, 12.— Κατά πληροφορίας εκ της πρωτευούσης αι συζητήσεις συνεχίζονται μεταξύ των ενδιαφερομένων παραγόντων, οι οποίοι εξετάζουν τα μέτρα διά την αντιμετώπισιν της καταστάσεως. Η κυβέρνησις ανακοινοί ότι θα ληφθούν αποφάσεις εντός των προσεχών ημερών, ενώ η αντιπολίτευσις ζητεί άμεσον ενημέρωσιν της Βουλής επί του θέματος.

Ο ΑΙ ΝΤΕΜΠΙΡ ΖΗΤΕΙ ΑΝΑΘΕΩΡΗΣΙΝ ΤΗΣ ΔΙΚΗΣ ΤΟΥ

ΑΘΗΝΑΙ, 12.— Κατά πληροφορίας εκ της πρωτευούσης αι συζητήσεις συνεχίζονται μεταξύ των ενδιαφερομένων παραγόντων, οι οποίοι εξετάζουν τα μέτρα διά την αντιμετώπισιν της καταστάσεως. Η κυβέρνησις ανακοινοί ότι θα ληφθούν αποφάσεις εντός των προσεχών ημερών, ενώ η αντιπολίτευσις ζητεί άμεσον ενημέρωσιν της Βουλής επί του θέματος.

ΝΕΑΙ ΕΘΝΙΚΟΠΟΙΗΣΕΙΣ ΕΤΑΙΡΕΙΩΝ ΕΙΣ ΗΝΩΜΕΝΑΣ

ΑΘΗΝΑΙ, 12.— Κατά πληροφορίας εκ της πρωτευούσης αι συζητήσεις συνεχίζονται μεταξύ των ενδιαφερομένων παραγόντων, οι οποίοι εξετάζουν τα μέτρα διά την αντιμετώπισιν της καταστάσεως. Η κυβέρνησις ανακοινοί ότι θα ληφθούν αποφάσεις εντός των προσεχών ημερών, ενώ η αντιπολίτευσις ζητεί άμεσον ενημέρωσιν της Βουλής επί του θέματος.

ΕΛΒΕΤΙΚΑ ΟΠΛΑ

ΑΘΗΝΑΙ, 12.— Κατά πληροφορίας εκ της πρωτευούσης αι συζητήσεις συνεχίζονται μεταξύ των ενδιαφερομένων παραγόντων, οι οποίοι εξετάζουν τα μέτρα διά την αντιμετώπισιν της καταστάσεως. Η κυβέρνησις ανακοινοί ότι θα ληφθούν αποφάσεις εντός των προσεχών ημερών, ενώ η αντιπολίτευσις ζητεί άμεσον ενημέρωσιν της Βουλής επί του θέματος.

ΑΘΗΝΑΙ, 12.— Κατά πληροφορίας εκ της πρωτευούσης αι συζητήσεις συνεχίζονται μεταξύ των ενδιαφερομένων παραγόντων, οι οποίοι εξετάζουν τα μέτρα διά την αντιμετώπισιν της καταστάσεως. Η κυβέρνησις ανακοινοί ότι θα ληφθούν αποφάσεις εντός των προσεχών ημερών, ενώ η αντιπολίτευσις ζητεί άμεσον ενημέρωσιν της Βουλής επί του θέματος.

Ως ανεκοινώθη εις το Ραμπάτ
«Διεθνής ταξιαρχία» δρα εις την Αλγερίαν
ΥΠΗΡΕΤΟΥΝ ΑΙΓΥΠΤΙΟΙ, ΚΟΥΒΑΝΟΙ, ΒΟΥΛΓΑΡΟΙ ΚΑΙ ΚΙΝΕΖΟΙ ΣΤΡΑΤΙΩΤΑΙ.- ΕΙΝΑΙ ΕΓΓΥΣ ΤΩΝ ΜΑΡΟΚΙΝΩΝ ΣΥΝΟΡΩΝ
Μεγάλαι συγκεντρώσεις στρατευμάτων

ΑΘΗΝΑΙ, 12.— Κατά πληροφορίας εκ της πρωτευούσης αι συζητήσεις συνεχίζονται μεταξύ των ενδιαφερομένων παραγόντων, οι οποίοι εξετάζουν τα μέτρα διά την αντιμετώπισιν της καταστάσεως. Η κυβέρνησις ανακοινοί ότι θα ληφθούν αποφάσεις εντός των προσεχών ημερών, ενώ η αντιπολίτευσις ζητεί άμεσον ενημέρωσιν της Βουλής επί του θέματος.

ΑΘΗΝΑΙ, 12.— Κατά πληροφορίας εκ της πρωτευούσης αι συζητήσεις συνεχίζονται μεταξύ των ενδιαφερομένων παραγόντων, οι οποίοι εξετάζουν τα μέτρα διά την αντιμετώπισιν της καταστάσεως. Η κυβέρνησις ανακοινοί ότι θα ληφθούν αποφάσεις εντός των προσεχών ημερών, ενώ η αντιπολίτευσις ζητεί άμεσον ενημέρωσιν της Βουλής επί του θέματος.

ΑΓΝΩΣΤΟΝ ΦΟΡΤΙΟΝ

ΑΘΗΝΑΙ, 12.— Κατά πληροφορίας εκ της πρωτευούσης αι συζητήσεις συνεχίζονται μεταξύ των ενδιαφερομένων παραγόντων, οι οποίοι εξετάζουν τα μέτρα διά την αντιμετώπισιν της καταστάσεως. Η κυβέρνησις ανακοινοί ότι θα ληφθούν αποφάσεις εντός των προσεχών ημερών, ενώ η αντιπολίτευσις ζητεί άμεσον ενημέρωσιν της Βουλής επί του θέματος.

ΝΕΑ ΣΤΡΑΤΕΥΜΑΤΑ

ΑΘΗΝΑΙ, 12.— Κατά πληροφορίας εκ της πρωτευούσης αι συζητήσεις συνεχίζονται μεταξύ των ενδιαφερομένων παραγόντων, οι οποίοι εξετάζουν τα μέτρα διά την αντιμετώπισιν της καταστάσεως. Η κυβέρνησις ανακοινοί ότι θα ληφθούν αποφάσεις εντός των προσεχών ημερών, ενώ η αντιπολίτευσις ζητεί άμεσον ενημέρωσιν της Βουλής επί του θέματος.

Υπό της επιτροπής προσελκύσεως κεφαλαίων
Ενεκρίθη η εισαγωγή 1.200.000 δολλαρίων διά δύο βιομηχανίας της Θεσσαλονίκης
ΑΓΓΛΙΚΗ ΕΤΑΙΡΕΙΑ ΘΑ ΙΔΡΥΣΗ ΕΙΣ ΤΟ ΛΑΥΡΙΟΝ
ΕΡΓΟΣΤΑΣΙΟΝ ΠΑΡΑΓΩΓΗΣ ΧΗΜΙΚΩΝ ΠΡΟ·Ι·ΟΝΤΩΝ

ΑΘΗΝΑΙ, 12.— Κατά πληροφορίας εκ της πρωτευούσης αι συζητήσεις συνεχίζονται μεταξύ των ενδιαφερομένων παραγόντων, οι οποίοι εξετάζουν τα μέτρα διά την αντιμετώπισιν της καταστάσεως. Η κυβέρνησις ανακοινοί ότι θα ληφθούν αποφάσεις εντός των προσεχών ημερών, ενώ η αντιπολίτευσις ζητεί άμεσον ενημέρωσιν της Βουλής επί του θέματος.

ΑΘΗΝΑΙ, 12.— Κατά πληροφορίας εκ της πρωτευούσης αι συζητήσεις συνεχίζονται μεταξύ των ενδιαφερομένων παραγόντων, οι οποίοι εξετάζουν τα μέτρα διά την αντιμετώπισιν της καταστάσεως. Η κυβέρνησις ανακοινοί ότι θα ληφθούν αποφάσεις εντός των προσεχών ημερών, ενώ η αντιπολίτευσις ζητεί άμεσον ενημέρωσιν της Βουλής επί του θέματος.

ΑΘΗΝΑΙ, 12.— Κατά πληροφορίας εκ της πρωτευούσης αι συζητήσεις συνεχίζονται μεταξύ των ενδιαφερομένων παραγόντων, οι οποίοι εξετάζουν τα μέτρα διά την αντιμετώπισιν της καταστάσεως. Η κυβέρνησις ανακοινοί ότι θα ληφθούν αποφάσεις εντός των προσεχών ημερών, ενώ η αντιπολίτευσις ζητεί άμεσον ενημέρωσιν της Βουλής επί του θέματος.

ΑΘΗΝΑΙ, 12.— Κατά πληροφορίας εκ της πρωτευούσης αι συζητήσεις συνεχίζονται μεταξύ των ενδιαφερομένων παραγόντων, οι οποίοι εξετάζουν τα μέτρα διά την αντιμετώπισιν της καταστάσεως. Η κυβέρνησις ανακοινοί ότι θα ληφθούν αποφάσεις εντός των προσεχών ημερών, ενώ η αντιπολίτευσις ζητεί άμεσον ενημέρωσιν της Βουλής επί του θέματος.

ΑΛΛΑΙ ΕΓΚΡΙΣΕΙΣ

ΑΘΗΝΑΙ, 12.— Κατά πληροφορίας εκ της πρωτευούσης αι συζητήσεις συνεχίζονται μεταξύ των ενδιαφερομένων παραγόντων, οι οποίοι εξετάζουν τα μέτρα διά την αντιμετώπισιν της καταστάσεως. Η κυβέρνησις ανακοινοί ότι θα ληφθούν αποφάσεις εντός των προσεχών ημερών, ενώ η αντιπολίτευσις ζητεί άμεσον ενημέρωσιν της Βουλής επί του θέματος.

ΔΙΑ ΤΗΝ ΘΕΣΣΑΛΟΝΙΚΗΝ
ΕΝ ΜΕΣΩ ΘΡΑΥΣΜΑΤΩΝ ΥΑΛΟΥ
Κουδανός εύρεθη κατακρεουργημένος εις το διαμέρισμα του εις την Γενεύην
ΗΤΟ ΒΙΒΛΙΟΘΗΚΑΡΙΟΣ ΕΙΣ ΤΟ ΔΙΕΘΝΕΣ ΓΡΑΦΕΙΟΝ ΕΡΓΑΣΙΑΣ.— ΑΓΝΩΣΤΟΝ ΕΑΝ ΠΡΟΚΕΙΤΑΙ ΠΕΡΙ ΠΟΛΙΤΙΚΗΣ ΔΟΛΟΦΟΝΙΑΣ

ΑΘΗΝΑΙ, 12.— Κατά πληροφορίας εκ της πρωτευούσης αι συζητήσεις συνεχίζονται μεταξύ των ενδιαφερομένων παραγόντων, οι οποίοι εξετάζουν τα μέτρα διά την αντιμετώπισιν της καταστάσεως. Η κυβέρνησις ανακοινοί ότι θα ληφθούν αποφάσεις εντός των προσεχών ημερών, ενώ η αντιπολίτευσις ζητεί άμεσον ενημέρωσιν της Βουλής επί του θέματος.

ΑΘΗΝΑΙ, 12.— Κατά πληροφορίας εκ της πρωτευούσης αι συζητήσεις συνεχίζονται μεταξύ των ενδιαφερομένων παραγόντων, οι οποίοι εξετάζουν τα μέτρα διά την αντιμετώπισιν της καταστάσεως. Η κυβέρνησις ανακοινοί ότι θα ληφθούν αποφάσεις εντός των προσεχών ημερών, ενώ η αντιπολίτευσις ζητεί άμεσον ενημέρωσιν της Βουλής επί του θέματος.

ΕΚΔΗΛΩΣΙΣ ΤΟΥ ΠΑΝΙΚΟΥ ΤΟΥ κ. ΚΑΡΑΜΑΝΛΗ ΑΠΟΤΕΛΕΙ Η ΔΙΑΓΡΑΦΗ ΤΟΥ κ. ΓΡΑΜΜΑΤΙΔΗ
ΚΑΙ ΟΙ ΒΟΥΛΕΥΤΑΙ ΚΡΗΤΗΣ Θ' ΑΠΟΣΚΙΡΤΗΣΟΥΝ
ΣΥΝΕΧΕΙΑ

ΑΘΗΝΑΙ, 12.— Κατά πληροφορίας εκ της πρωτευούσης αι συζητήσεις συνεχίζονται μεταξύ των ενδιαφερομένων παραγόντων, οι οποίοι εξετάζουν τα μέτρα διά την αντιμετώπισιν της καταστάσεως. Η κυβέρνησις ανακοινοί ότι θα ληφθούν αποφάσεις εντός των προσεχών ημερών, ενώ η αντιπολίτευσις ζητεί άμεσον ενημέρωσιν της Βουλής επί του θέματος.

ΑΘΗΝΑΙ, 12.— Κατά πληροφορίας εκ της πρωτευούσης αι συζητήσεις συνεχίζονται μεταξύ των ενδιαφερομένων παραγόντων, οι οποίοι εξετάζουν τα μέτρα διά την αντιμετώπισιν της καταστάσεως. Η κυβέρνησις ανακοινοί ότι θα ληφθούν αποφάσεις εντός των προσεχών ημερών, ενώ η αντιπολίτευσις ζητεί άμεσον ενημέρωσιν της Βουλής επί του θέματος.

ΑΘΗΝΑΙ, 12.— Κατά πληροφορίας εκ της πρωτευούσης αι συζητήσεις συνεχίζονται μεταξύ των ενδιαφερομένων παραγόντων, οι οποίοι εξετάζουν τα μέτρα διά την αντιμετώπισιν της καταστάσεως. Η κυβέρνησις ανακοινοί ότι θα ληφθούν αποφάσεις εντός των προσεχών ημερών, ενώ η αντιπολίτευσις ζητεί άμεσον ενημέρωσιν της Βουλής επί του θέματος.

ΑΘΗΝΑΙ, 12.— Κατά πληροφορίας εκ της πρωτευούσης αι συζητήσεις συνεχίζονται μεταξύ των ενδιαφερομένων παραγόντων, οι οποίοι εξετάζουν τα μέτρα διά την αντιμετώπισιν της καταστάσεως. Η κυβέρνησις ανακοινοί ότι θα ληφθούν αποφάσεις εντός των προσεχών ημερών, ενώ η αντιπολίτευσις ζητεί άμεσον ενημέρωσιν της Βουλής επί του θέματος.

ΚΑΙ ΤΟ ΓΡΑΦΕΙΟΝ ΤΟΥ Κ. ΚΕΦΑΛΟΓΙΑΝΝΗ

ΑΘΗΝΑΙ, 12.— Κατά πληροφορίας εκ της πρωτευούσης αι συζητήσεις συνεχίζονται μεταξύ των ενδιαφερομένων παραγόντων, οι οποίοι εξετάζουν τα μέτρα διά την αντιμετώπισιν της καταστάσεως. Η κυβέρνησις ανακοινοί ότι θα ληφθούν αποφάσεις εντός των προσεχών ημερών, ενώ η αντιπολίτευσις ζητεί άμεσον ενημέρωσιν της Βουλής επί του θέματος.

ΑΘΗΝΑΙ, 12.— Κατά πληροφορίας εκ της πρωτευούσης αι συζητήσεις συνεχίζονται μεταξύ των ενδιαφερομένων παραγόντων, οι οποίοι εξετάζουν τα μέτρα διά την αντιμετώπισιν της καταστάσεως. Η κυβέρνησις ανακοινοί ότι θα ληφθούν αποφάσεις εντός των προσεχών ημερών, ενώ η αντιπολίτευσις ζητεί άμεσον ενημέρωσιν της Βουλής επί του θέματος.
